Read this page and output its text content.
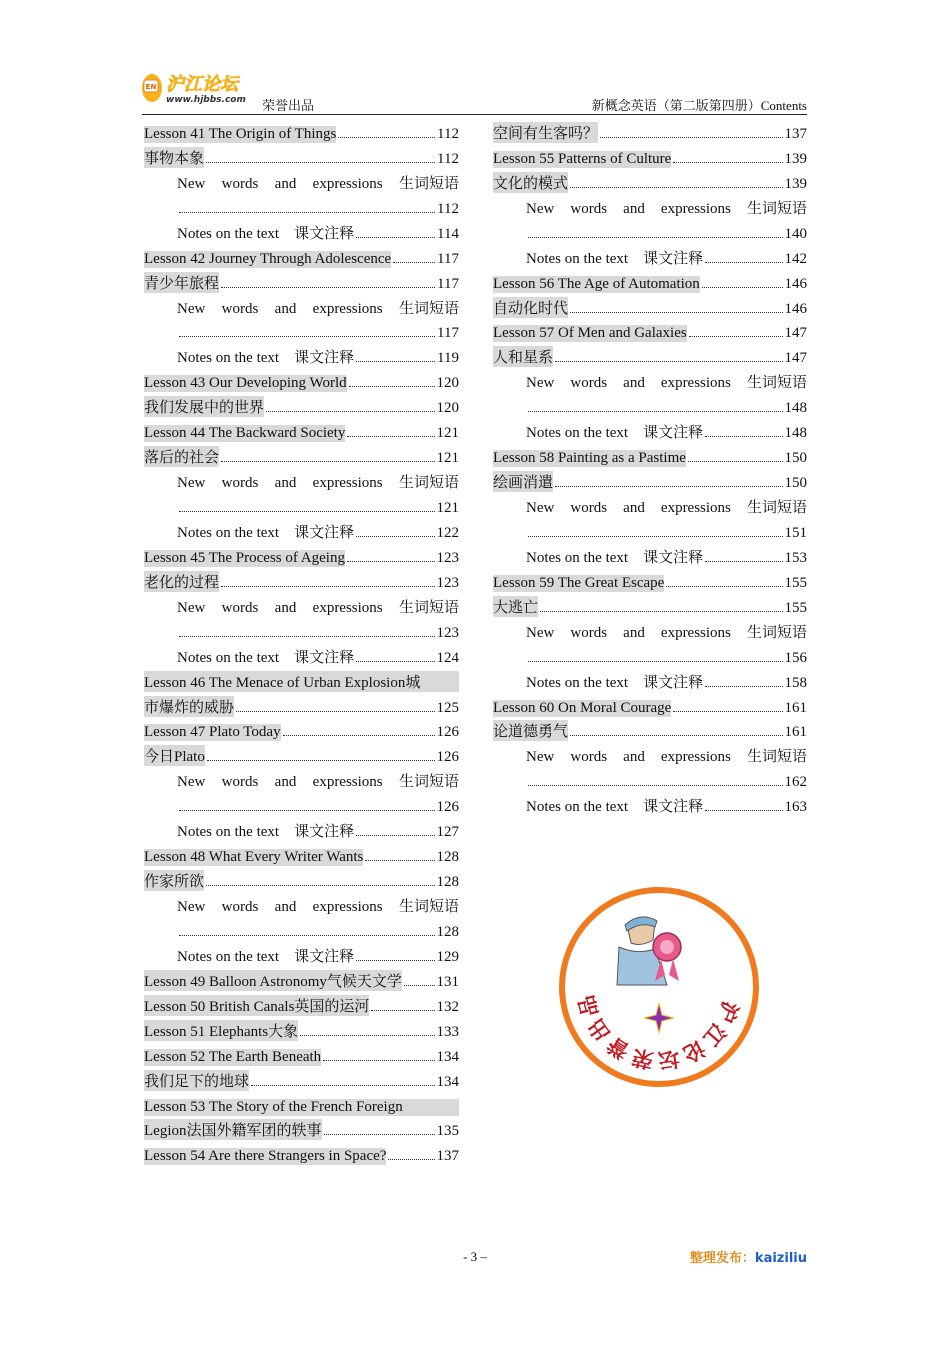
EN 沪江论坛
www.hjbbs.com 荣誉出品	新概念英语（第二版第四册）Contents
Lesson 41 The Origin of Things	112
事物本象	112
New words and expressions 生词短语
112
Notes on the text　课文注释	114
Lesson 42 Journey Through Adolescence	117
青少年旅程	117
New words and expressions 生词短语
117
Notes on the text　课文注释	119
Lesson 43 Our Developing World	120
我们发展中的世界	120
Lesson 44 The Backward Society	121
落后的社会	121
New words and expressions 生词短语
121
Notes on the text　课文注释	122
Lesson 45 The Process of Ageing	123
老化的过程	123
New words and expressions 生词短语
123
Notes on the text　课文注释	124
Lesson 46 The Menace of Urban Explosion城
市爆炸的威胁	125
Lesson 47 Plato Today	126
今日Plato	126
New words and expressions 生词短语
126
Notes on the text　课文注释	127
Lesson 48 What Every Writer Wants	128
作家所欲	128
New words and expressions 生词短语
128
Notes on the text　课文注释	129
Lesson 49 Balloon Astronomy气候天文学 131
Lesson 50 British Canals英国的运河	132
Lesson 51 Elephants大象	133
Lesson 52 The Earth Beneath	134
我们足下的地球	134
Lesson 53 The Story of the French Foreign
Legion法国外籍军团的轶事	135
Lesson 54 Are there Strangers in Space?	137
空间有生客吗？	137
Lesson 55 Patterns of Culture	139
文化的模式	139
New words and expressions 生词短语
140
Notes on the text　课文注释	142
Lesson 56 The Age of Automation	146
自动化时代	146
Lesson 57 Of Men and Galaxies	147
人和星系	147
New words and expressions 生词短语
148
Notes on the text　课文注释	148
Lesson 58 Painting as a Pastime	150
绘画消遣	150
New words and expressions 生词短语
151
Notes on the text　课文注释	153
Lesson 59 The Great Escape	155
大逃亡	155
New words and expressions 生词短语
156
Notes on the text　课文注释	158
Lesson 60 On Moral Courage	161
论道德勇气	161
New words and expressions 生词短语
162
Notes on the text　课文注释	163
沪
江
论
坛
荣
誉
出
品
- 3 –	整理发布：kaiziliu
